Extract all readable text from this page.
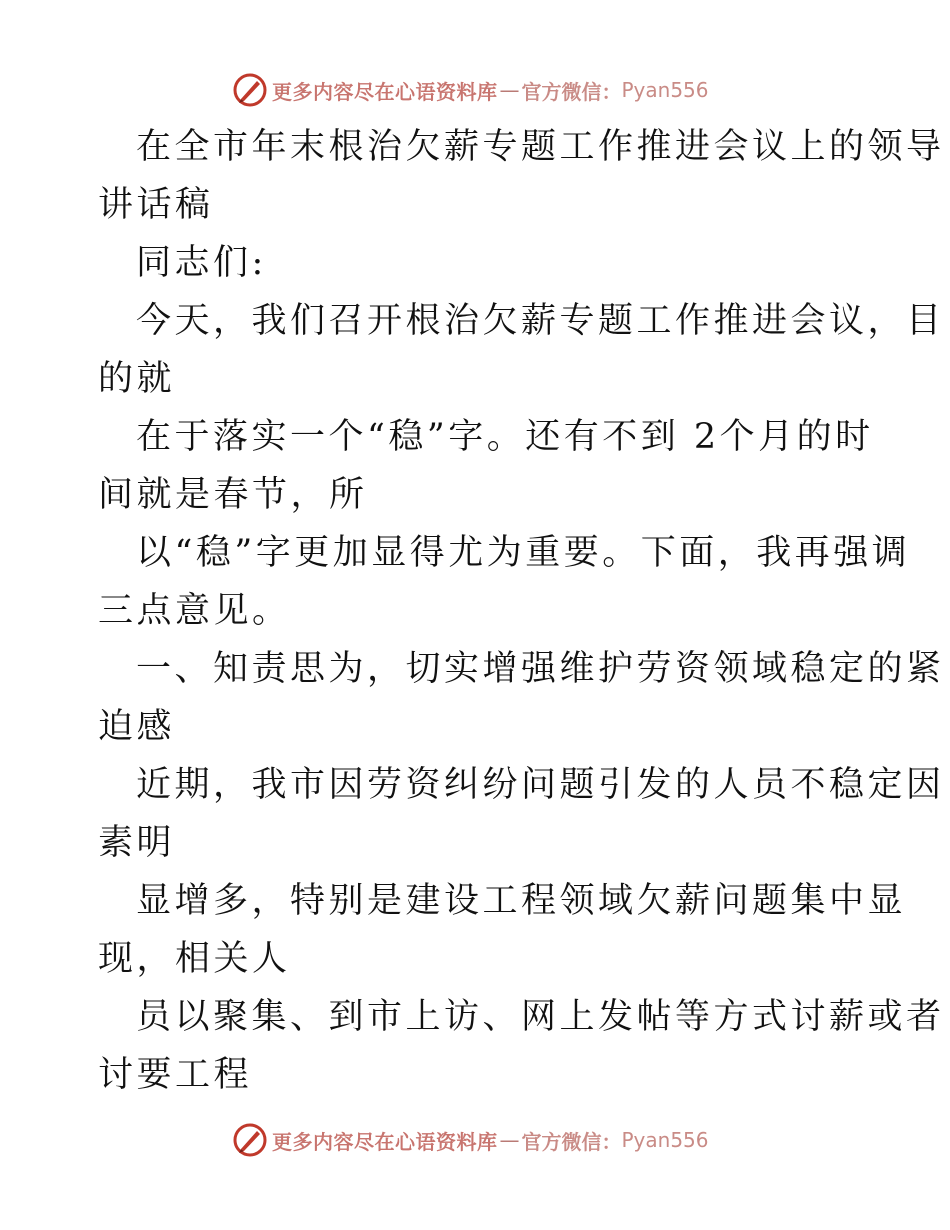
更多内容尽在心语资料库 — 官方微信： Pyan556
在全市年末根治欠薪专题工作推进会议上的领导
讲话稿
同志们:
今天，我们召开根治欠薪专题工作推进会议，目
的就
在于落实一个“稳”字。还有不到 2个月的时
间就是春节，所
以“稳”字更加显得尤为重要。下面，我再强调
三点意见。
一、知责思为，切实增强维护劳资领域稳定的紧
迫感
近期，我市因劳资纠纷问题引发的人员不稳定因
素明
显增多，特别是建设工程领域欠薪问题集中显
现，相关人
员以聚集、到市上访、网上发帖等方式讨薪或者
讨要工程
更多内容尽在心语资料库 — 官方微信： Pyan556
